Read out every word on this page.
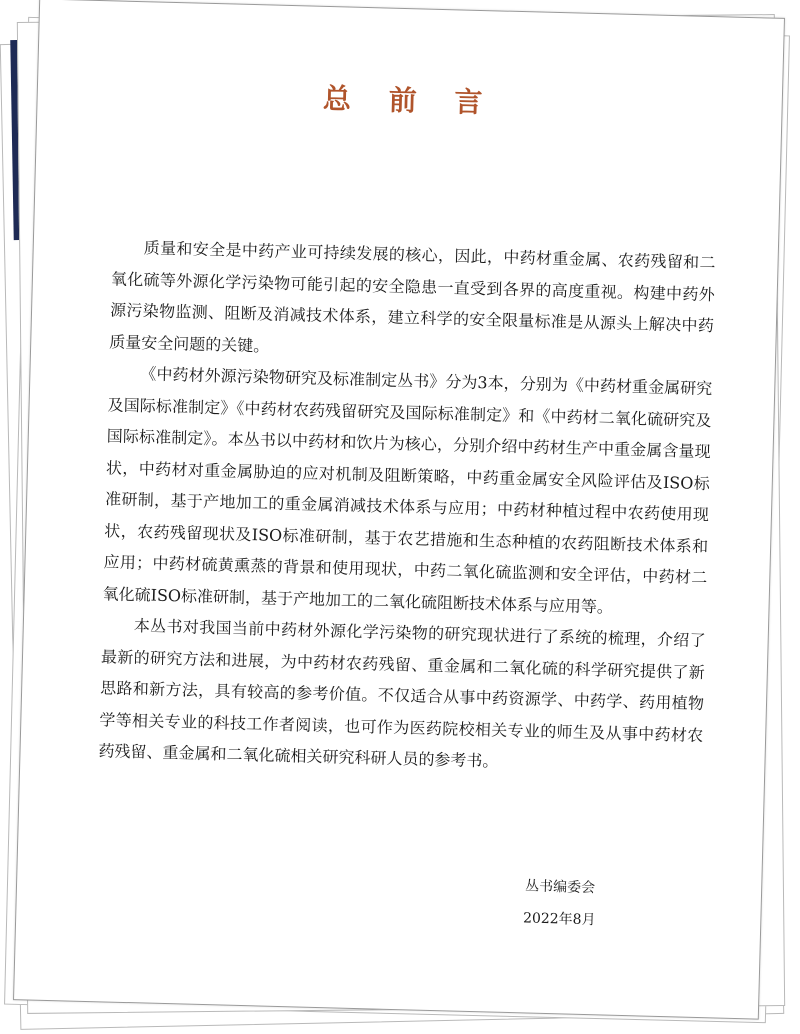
总 前 言

质量和安全是中药产业可持续发展的核心，因此，中药材重金属、农药残留和二氧化硫等外源化学污染物可能引起的安全隐患一直受到各界的高度重视。构建中药外源污染物监测、阻断及消减技术体系，建立科学的安全限量标准是从源头上解决中药质量安全问题的关键。

《中药材外源污染物研究及标准制定丛书》分为3本，分别为《中药材重金属研究及国际标准制定》《中药材农药残留研究及国际标准制定》和《中药材二氧化硫研究及国际标准制定》。本丛书以中药材和饮片为核心，分别介绍中药材生产中重金属含量现状，中药材对重金属胁迫的应对机制及阻断策略，中药重金属安全风险评估及ISO标准研制，基于产地加工的重金属消减技术体系与应用；中药材种植过程中农药使用现状，农药残留现状及ISO标准研制，基于农艺措施和生态种植的农药阻断技术体系和应用；中药材硫黄熏蒸的背景和使用现状，中药二氧化硫监测和安全评估，中药材二氧化硫ISO标准研制，基于产地加工的二氧化硫阻断技术体系与应用等。

本丛书对我国当前中药材外源化学污染物的研究现状进行了系统的梳理，介绍了最新的研究方法和进展，为中药材农药残留、重金属和二氧化硫的科学研究提供了新思路和新方法，具有较高的参考价值。不仅适合从事中药资源学、中药学、药用植物学等相关专业的科技工作者阅读，也可作为医药院校相关专业的师生及从事中药材农药残留、重金属和二氧化硫相关研究科研人员的参考书。

丛书编委会
2022年8月
